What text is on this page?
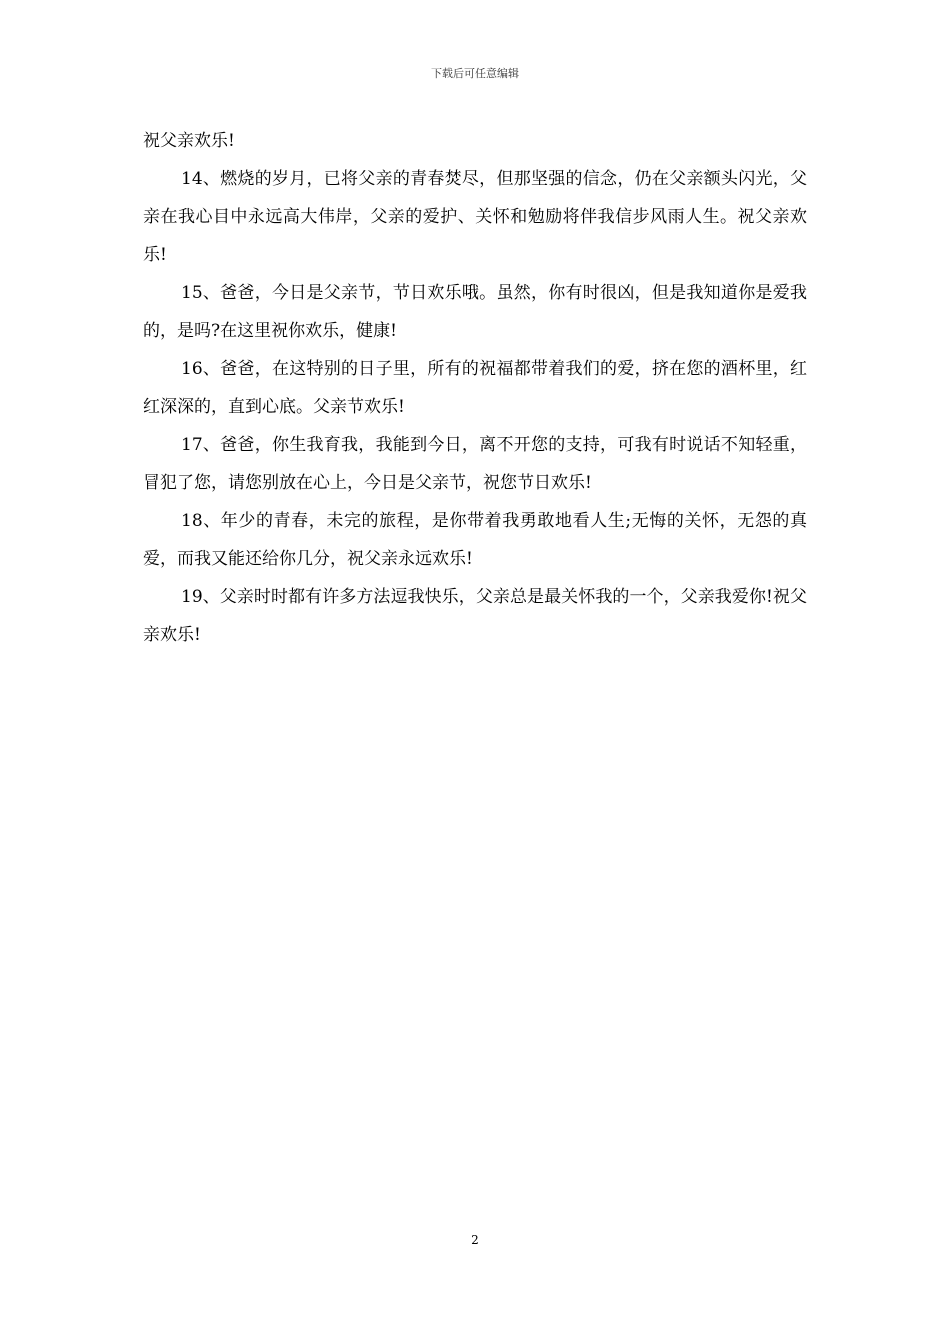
下载后可任意编辑

祝父亲欢乐!

14、燃烧的岁月，已将父亲的青春焚尽，但那坚强的信念，仍在父亲额头闪光，父亲在我心目中永远高大伟岸，父亲的爱护、关怀和勉励将伴我信步风雨人生。祝父亲欢乐!

15、爸爸，今日是父亲节，节日欢乐哦。虽然，你有时很凶，但是我知道你是爱我的，是吗?在这里祝你欢乐，健康!

16、爸爸，在这特别的日子里，所有的祝福都带着我们的爱，挤在您的酒杯里，红红深深的，直到心底。父亲节欢乐!

17、爸爸，你生我育我，我能到今日，离不开您的支持，可我有时说话不知轻重，冒犯了您，请您别放在心上，今日是父亲节，祝您节日欢乐!

18、年少的青春，未完的旅程，是你带着我勇敢地看人生;无悔的关怀，无怨的真爱，而我又能还给你几分，祝父亲永远欢乐!

19、父亲时时都有许多方法逗我快乐，父亲总是最关怀我的一个，父亲我爱你!祝父亲欢乐!

2
